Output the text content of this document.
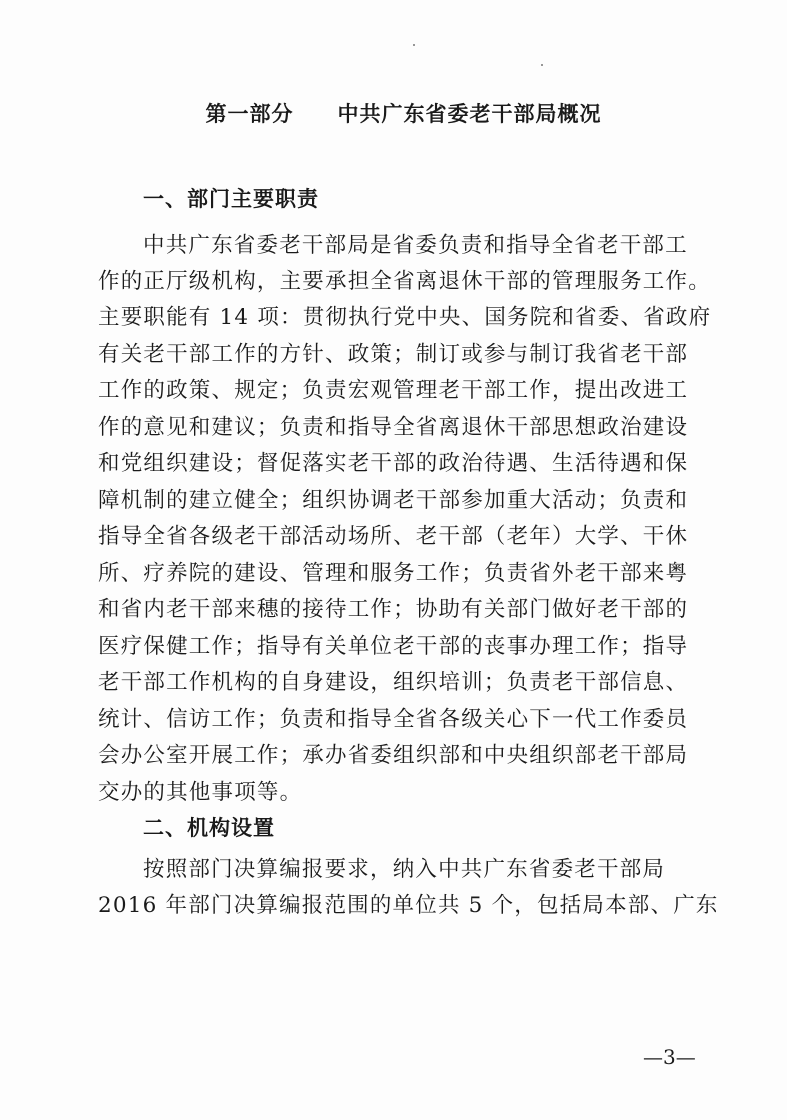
第一部分　　中共广东省委老干部局概况
一、部门主要职责
中共广东省委老干部局是省委负责和指导全省老干部工
作的正厅级机构，主要承担全省离退休干部的管理服务工作。
主要职能有 14 项：贯彻执行党中央、国务院和省委、省政府
有关老干部工作的方针、政策；制订或参与制订我省老干部
工作的政策、规定；负责宏观管理老干部工作，提出改进工
作的意见和建议；负责和指导全省离退休干部思想政治建设
和党组织建设；督促落实老干部的政治待遇、生活待遇和保
障机制的建立健全；组织协调老干部参加重大活动；负责和
指导全省各级老干部活动场所、老干部（老年）大学、干休
所、疗养院的建设、管理和服务工作；负责省外老干部来粤
和省内老干部来穗的接待工作；协助有关部门做好老干部的
医疗保健工作；指导有关单位老干部的丧事办理工作；指导
老干部工作机构的自身建设，组织培训；负责老干部信息、
统计、信访工作；负责和指导全省各级关心下一代工作委员
会办公室开展工作；承办省委组织部和中央组织部老干部局
交办的其他事项等。
二、机构设置
按照部门决算编报要求，纳入中共广东省委老干部局
2016 年部门决算编报范围的单位共 5 个，包括局本部、广东
—3—
